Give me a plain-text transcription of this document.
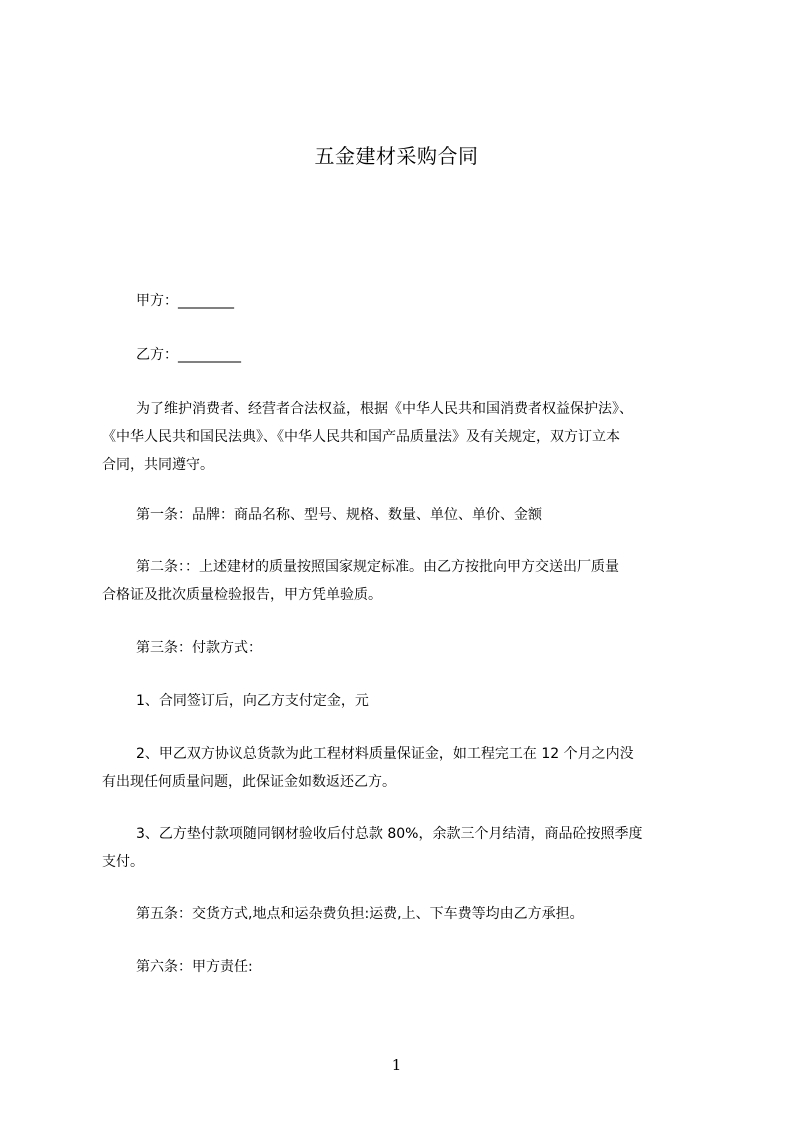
五金建材采购合同
甲方：________
乙方：_________
为了维护消费者、经营者合法权益，根据《中华人民共和国消费者权益保护法》、
《中华人民共和国民法典》、《中华人民共和国产品质量法》及有关规定，双方订立本
合同，共同遵守。
第一条：品牌：商品名称、型号、规格、数量、单位、单价、金额
第二条：：上述建材的质量按照国家规定标准。由乙方按批向甲方交送出厂质量
合格证及批次质量检验报告，甲方凭单验质。
第三条：付款方式：
1、合同签订后，向乙方支付定金，元
2、甲乙双方协议总货款为此工程材料质量保证金，如工程完工在 12 个月之内没
有出现任何质量问题，此保证金如数返还乙方。
3、乙方垫付款项随同钢材验收后付总款 80%，余款三个月结清，商品砼按照季度
支付。
第五条：交货方式,地点和运杂费负担:运费,上、下车费等均由乙方承担。
第六条：甲方责任:
1
